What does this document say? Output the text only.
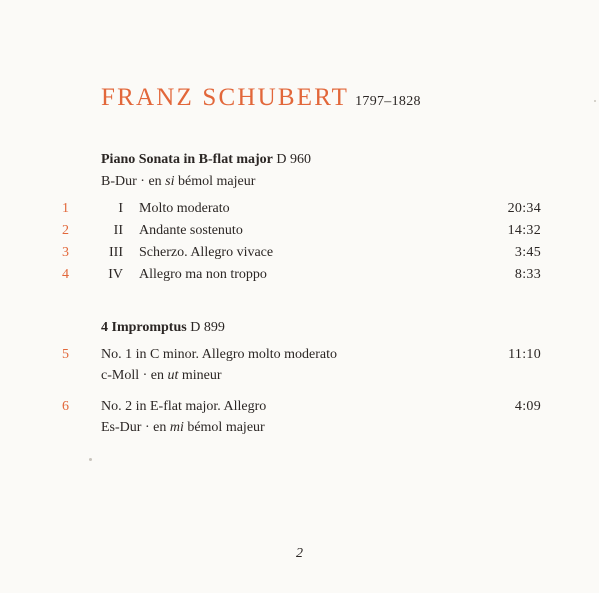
FRANZ SCHUBERT 1797–1828
Piano Sonata in B-flat major D 960
B-Dur · en si bémol majeur
1	I Molto moderato	20:34
2	II Andante sostenuto	14:32
3	III Scherzo. Allegro vivace	3:45
4	IV Allegro ma non troppo	8:33
4 Impromptus D 899
5	No. 1 in C minor. Allegro molto moderato	11:10
c-Moll · en ut mineur
6	No. 2 in E-flat major. Allegro	4:09
Es-Dur · en mi bémol majeur
2
